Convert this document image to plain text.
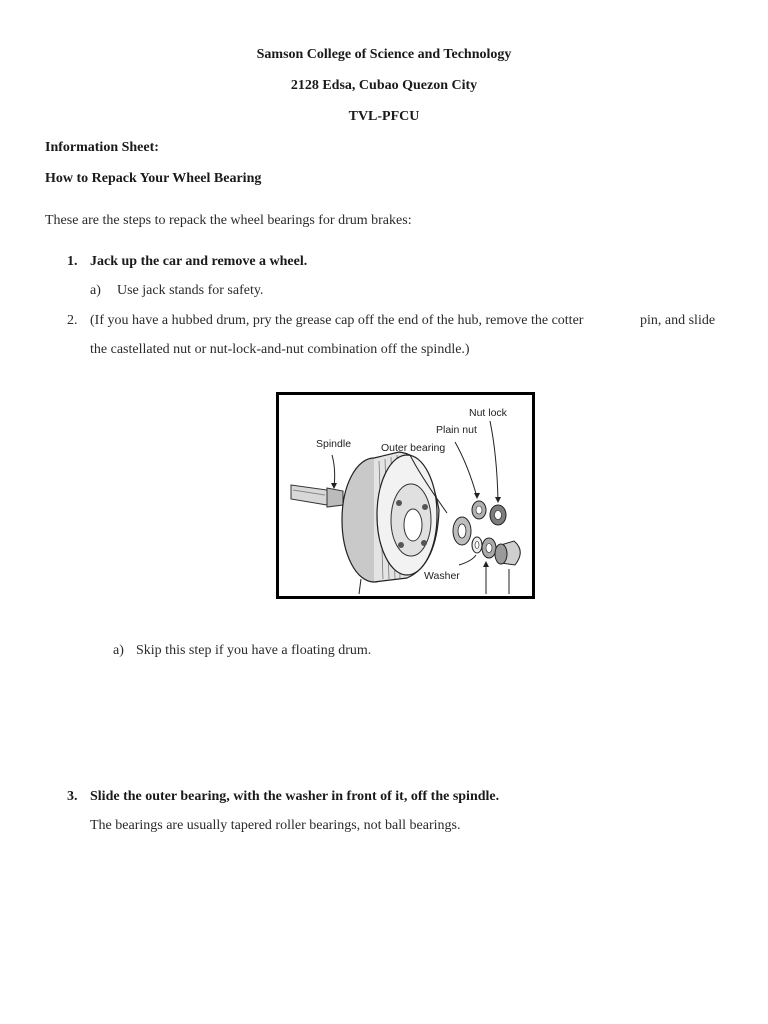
Samson College of Science and Technology
2128 Edsa, Cubao Quezon City
TVL-PFCU
Information Sheet:
How to Repack Your Wheel Bearing
These are the steps to repack the wheel bearings for drum brakes:
1. Jack up the car and remove a wheel.
a) Use jack stands for safety.
2. (If you have a hubbed drum, pry the grease cap off the end of the hub, remove the cotter	pin, and slide
the castellated nut or nut-lock-and-nut combination off the spindle.)
Nut lock
Plain nut
Spindle	Outer bearing
Washer
a) Skip this step if you have a floating drum.
3. Slide the outer bearing, with the washer in front of it, off the spindle.
The bearings are usually tapered roller bearings, not ball bearings.
